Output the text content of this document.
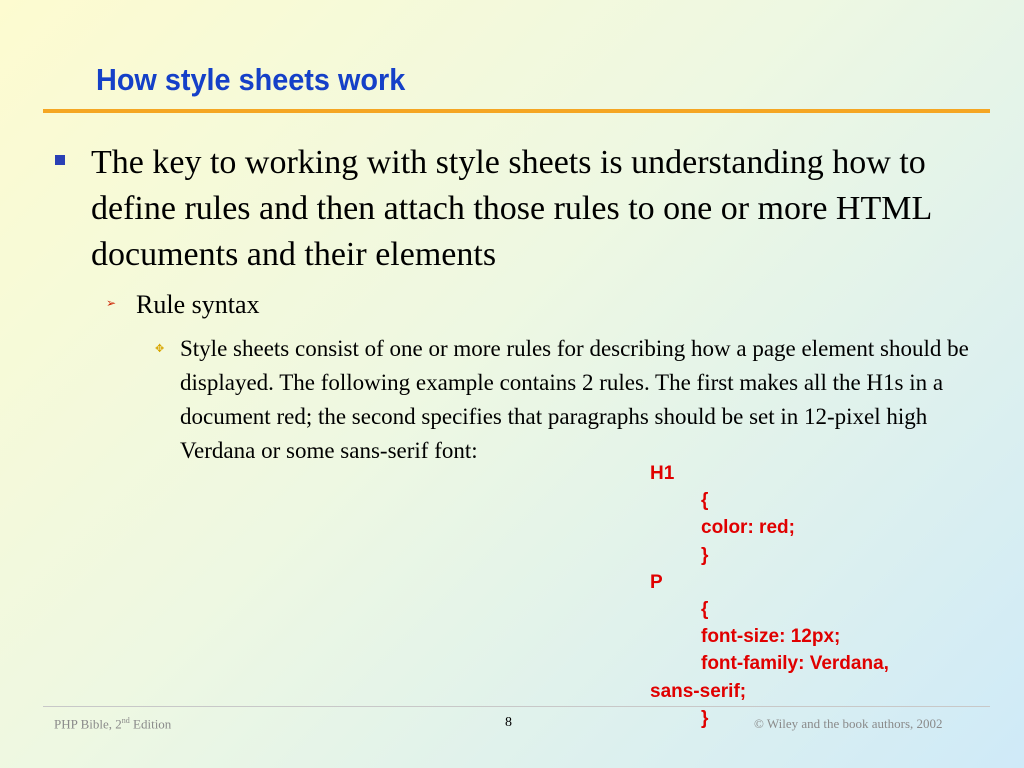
How style sheets work
The key to working with style sheets is understanding how to define rules and then attach those rules to one or more HTML documents and their elements
➢ Rule syntax
✥ Style sheets consist of one or more rules for describing how a page element should be displayed. The following example contains 2 rules. The first makes all the H1s in a document red; the second specifies that paragraphs should be set in 12-pixel high Verdana or some sans-serif font:
H1
{
color: red;
}
P
{
font-size: 12px;
font-family: Verdana,
sans-serif;
}
PHP Bible, 2nd Edition	8	© Wiley and the book authors, 2002
